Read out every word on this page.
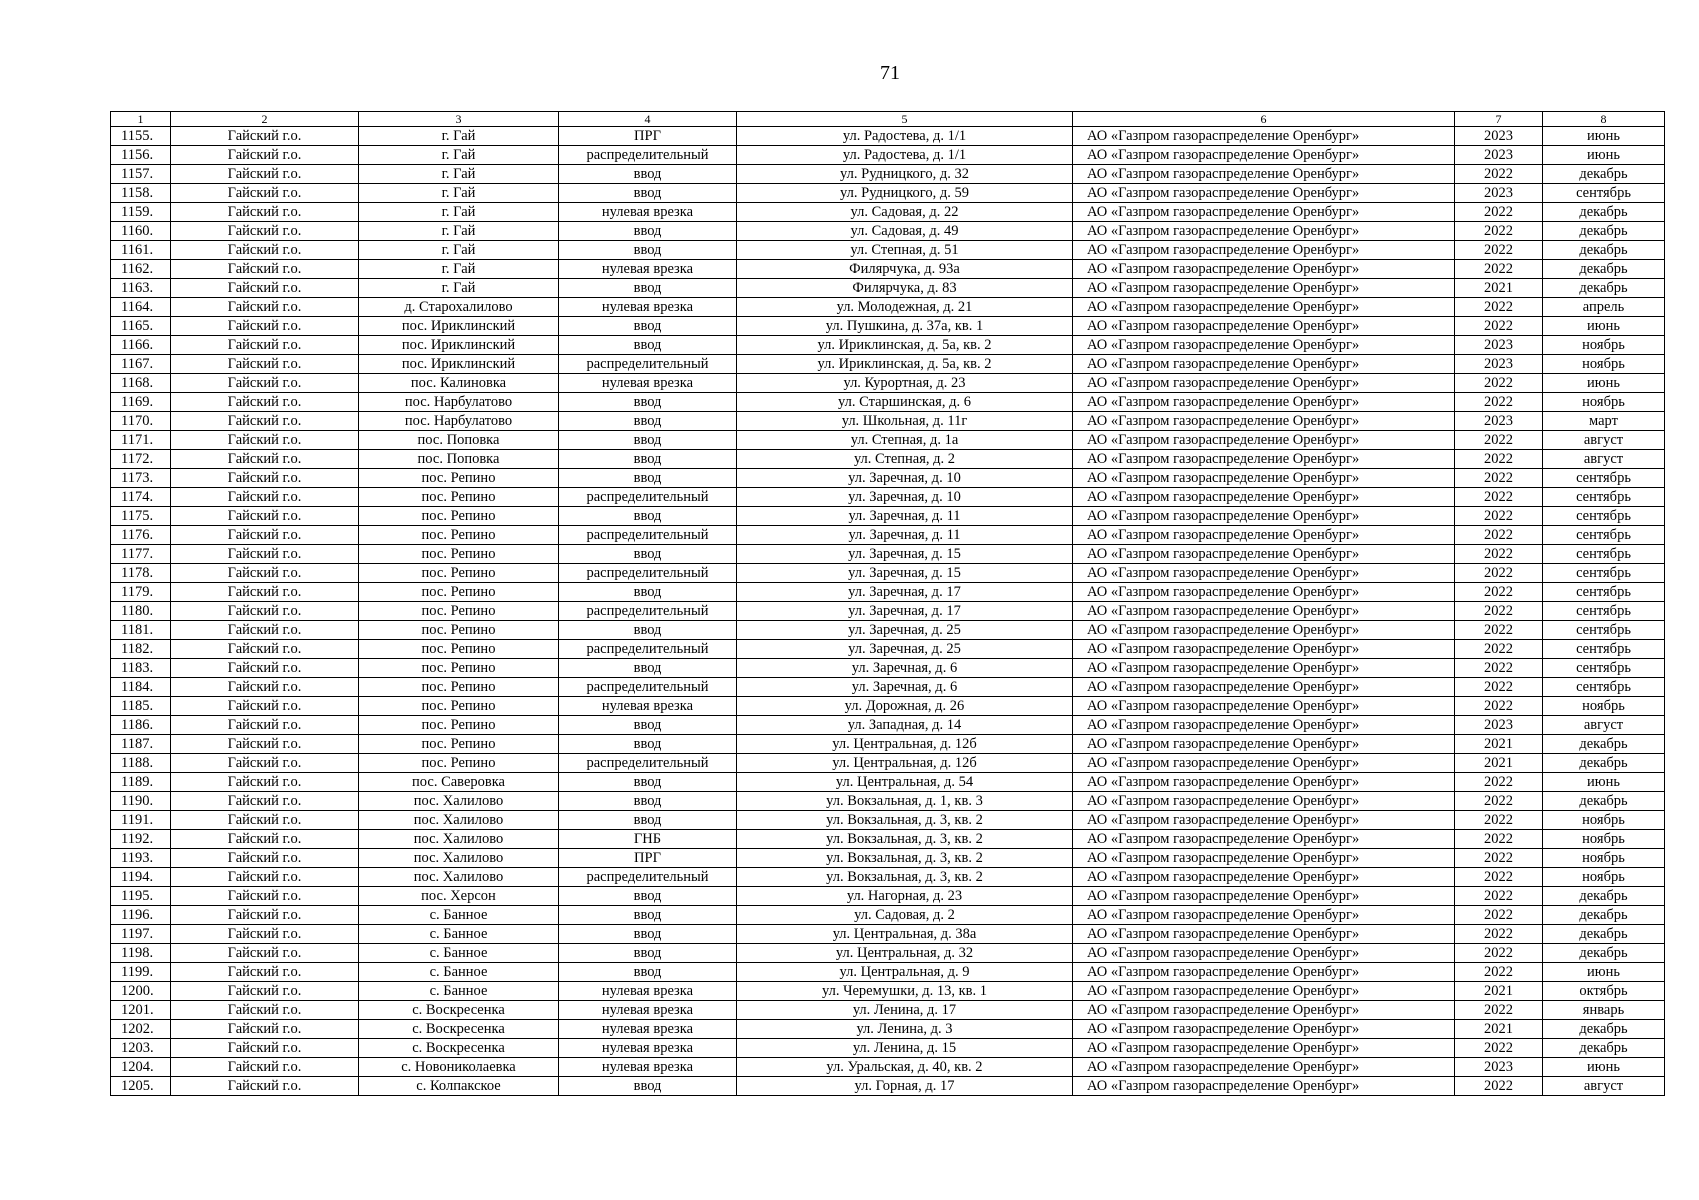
71
1	2	3	4	5	6	7	8
1155.	Гайский г.о.	г. Гай	ПРГ	ул. Радостева, д. 1/1	АО «Газпром газораспределение Оренбург»	2023	июнь
1156.	Гайский г.о.	г. Гай	распределительный	ул. Радостева, д. 1/1	АО «Газпром газораспределение Оренбург»	2023	июнь
1157.	Гайский г.о.	г. Гай	ввод	ул. Рудницкого, д. 32	АО «Газпром газораспределение Оренбург»	2022	декабрь
1158.	Гайский г.о.	г. Гай	ввод	ул. Рудницкого, д. 59	АО «Газпром газораспределение Оренбург»	2023	сентябрь
1159.	Гайский г.о.	г. Гай	нулевая врезка	ул. Садовая, д. 22	АО «Газпром газораспределение Оренбург»	2022	декабрь
1160.	Гайский г.о.	г. Гай	ввод	ул. Садовая, д. 49	АО «Газпром газораспределение Оренбург»	2022	декабрь
1161.	Гайский г.о.	г. Гай	ввод	ул. Степная, д. 51	АО «Газпром газораспределение Оренбург»	2022	декабрь
1162.	Гайский г.о.	г. Гай	нулевая врезка	Филярчука, д. 93а	АО «Газпром газораспределение Оренбург»	2022	декабрь
1163.	Гайский г.о.	г. Гай	ввод	Филярчука, д. 83	АО «Газпром газораспределение Оренбург»	2021	декабрь
1164.	Гайский г.о.	д. Старохалилово	нулевая врезка	ул. Молодежная, д. 21	АО «Газпром газораспределение Оренбург»	2022	апрель
1165.	Гайский г.о.	пос. Ириклинский	ввод	ул. Пушкина, д. 37а, кв. 1	АО «Газпром газораспределение Оренбург»	2022	июнь
1166.	Гайский г.о.	пос. Ириклинский	ввод	ул. Ириклинская, д. 5а, кв. 2	АО «Газпром газораспределение Оренбург»	2023	ноябрь
1167.	Гайский г.о.	пос. Ириклинский	распределительный	ул. Ириклинская, д. 5а, кв. 2	АО «Газпром газораспределение Оренбург»	2023	ноябрь
1168.	Гайский г.о.	пос. Калиновка	нулевая врезка	ул. Курортная, д. 23	АО «Газпром газораспределение Оренбург»	2022	июнь
1169.	Гайский г.о.	пос. Нарбулатово	ввод	ул. Старшинская, д. 6	АО «Газпром газораспределение Оренбург»	2022	ноябрь
1170.	Гайский г.о.	пос. Нарбулатово	ввод	ул. Школьная, д. 11г	АО «Газпром газораспределение Оренбург»	2023	март
1171.	Гайский г.о.	пос. Поповка	ввод	ул. Степная, д. 1а	АО «Газпром газораспределение Оренбург»	2022	август
1172.	Гайский г.о.	пос. Поповка	ввод	ул. Степная, д. 2	АО «Газпром газораспределение Оренбург»	2022	август
1173.	Гайский г.о.	пос. Репино	ввод	ул. Заречная, д. 10	АО «Газпром газораспределение Оренбург»	2022	сентябрь
1174.	Гайский г.о.	пос. Репино	распределительный	ул. Заречная, д. 10	АО «Газпром газораспределение Оренбург»	2022	сентябрь
1175.	Гайский г.о.	пос. Репино	ввод	ул. Заречная, д. 11	АО «Газпром газораспределение Оренбург»	2022	сентябрь
1176.	Гайский г.о.	пос. Репино	распределительный	ул. Заречная, д. 11	АО «Газпром газораспределение Оренбург»	2022	сентябрь
1177.	Гайский г.о.	пос. Репино	ввод	ул. Заречная, д. 15	АО «Газпром газораспределение Оренбург»	2022	сентябрь
1178.	Гайский г.о.	пос. Репино	распределительный	ул. Заречная, д. 15	АО «Газпром газораспределение Оренбург»	2022	сентябрь
1179.	Гайский г.о.	пос. Репино	ввод	ул. Заречная, д. 17	АО «Газпром газораспределение Оренбург»	2022	сентябрь
1180.	Гайский г.о.	пос. Репино	распределительный	ул. Заречная, д. 17	АО «Газпром газораспределение Оренбург»	2022	сентябрь
1181.	Гайский г.о.	пос. Репино	ввод	ул. Заречная, д. 25	АО «Газпром газораспределение Оренбург»	2022	сентябрь
1182.	Гайский г.о.	пос. Репино	распределительный	ул. Заречная, д. 25	АО «Газпром газораспределение Оренбург»	2022	сентябрь
1183.	Гайский г.о.	пос. Репино	ввод	ул. Заречная, д. 6	АО «Газпром газораспределение Оренбург»	2022	сентябрь
1184.	Гайский г.о.	пос. Репино	распределительный	ул. Заречная, д. 6	АО «Газпром газораспределение Оренбург»	2022	сентябрь
1185.	Гайский г.о.	пос. Репино	нулевая врезка	ул. Дорожная, д. 26	АО «Газпром газораспределение Оренбург»	2022	ноябрь
1186.	Гайский г.о.	пос. Репино	ввод	ул. Западная, д. 14	АО «Газпром газораспределение Оренбург»	2023	август
1187.	Гайский г.о.	пос. Репино	ввод	ул. Центральная, д. 12б	АО «Газпром газораспределение Оренбург»	2021	декабрь
1188.	Гайский г.о.	пос. Репино	распределительный	ул. Центральная, д. 12б	АО «Газпром газораспределение Оренбург»	2021	декабрь
1189.	Гайский г.о.	пос. Саверовка	ввод	ул. Центральная, д. 54	АО «Газпром газораспределение Оренбург»	2022	июнь
1190.	Гайский г.о.	пос. Халилово	ввод	ул. Вокзальная, д. 1, кв. 3	АО «Газпром газораспределение Оренбург»	2022	декабрь
1191.	Гайский г.о.	пос. Халилово	ввод	ул. Вокзальная, д. 3, кв. 2	АО «Газпром газораспределение Оренбург»	2022	ноябрь
1192.	Гайский г.о.	пос. Халилово	ГНБ	ул. Вокзальная, д. 3, кв. 2	АО «Газпром газораспределение Оренбург»	2022	ноябрь
1193.	Гайский г.о.	пос. Халилово	ПРГ	ул. Вокзальная, д. 3, кв. 2	АО «Газпром газораспределение Оренбург»	2022	ноябрь
1194.	Гайский г.о.	пос. Халилово	распределительный	ул. Вокзальная, д. 3, кв. 2	АО «Газпром газораспределение Оренбург»	2022	ноябрь
1195.	Гайский г.о.	пос. Херсон	ввод	ул. Нагорная, д. 23	АО «Газпром газораспределение Оренбург»	2022	декабрь
1196.	Гайский г.о.	с. Банное	ввод	ул. Садовая, д. 2	АО «Газпром газораспределение Оренбург»	2022	декабрь
1197.	Гайский г.о.	с. Банное	ввод	ул. Центральная, д. 38а	АО «Газпром газораспределение Оренбург»	2022	декабрь
1198.	Гайский г.о.	с. Банное	ввод	ул. Центральная, д. 32	АО «Газпром газораспределение Оренбург»	2022	декабрь
1199.	Гайский г.о.	с. Банное	ввод	ул. Центральная, д. 9	АО «Газпром газораспределение Оренбург»	2022	июнь
1200.	Гайский г.о.	с. Банное	нулевая врезка	ул. Черемушки, д. 13, кв. 1	АО «Газпром газораспределение Оренбург»	2021	октябрь
1201.	Гайский г.о.	с. Воскресенка	нулевая врезка	ул. Ленина, д. 17	АО «Газпром газораспределение Оренбург»	2022	январь
1202.	Гайский г.о.	с. Воскресенка	нулевая врезка	ул. Ленина, д. 3	АО «Газпром газораспределение Оренбург»	2021	декабрь
1203.	Гайский г.о.	с. Воскресенка	нулевая врезка	ул. Ленина, д. 15	АО «Газпром газораспределение Оренбург»	2022	декабрь
1204.	Гайский г.о.	с. Новониколаевка	нулевая врезка	ул. Уральская, д. 40, кв. 2	АО «Газпром газораспределение Оренбург»	2023	июнь
1205.	Гайский г.о.	с. Колпакское	ввод	ул. Горная, д. 17	АО «Газпром газораспределение Оренбург»	2022	август
